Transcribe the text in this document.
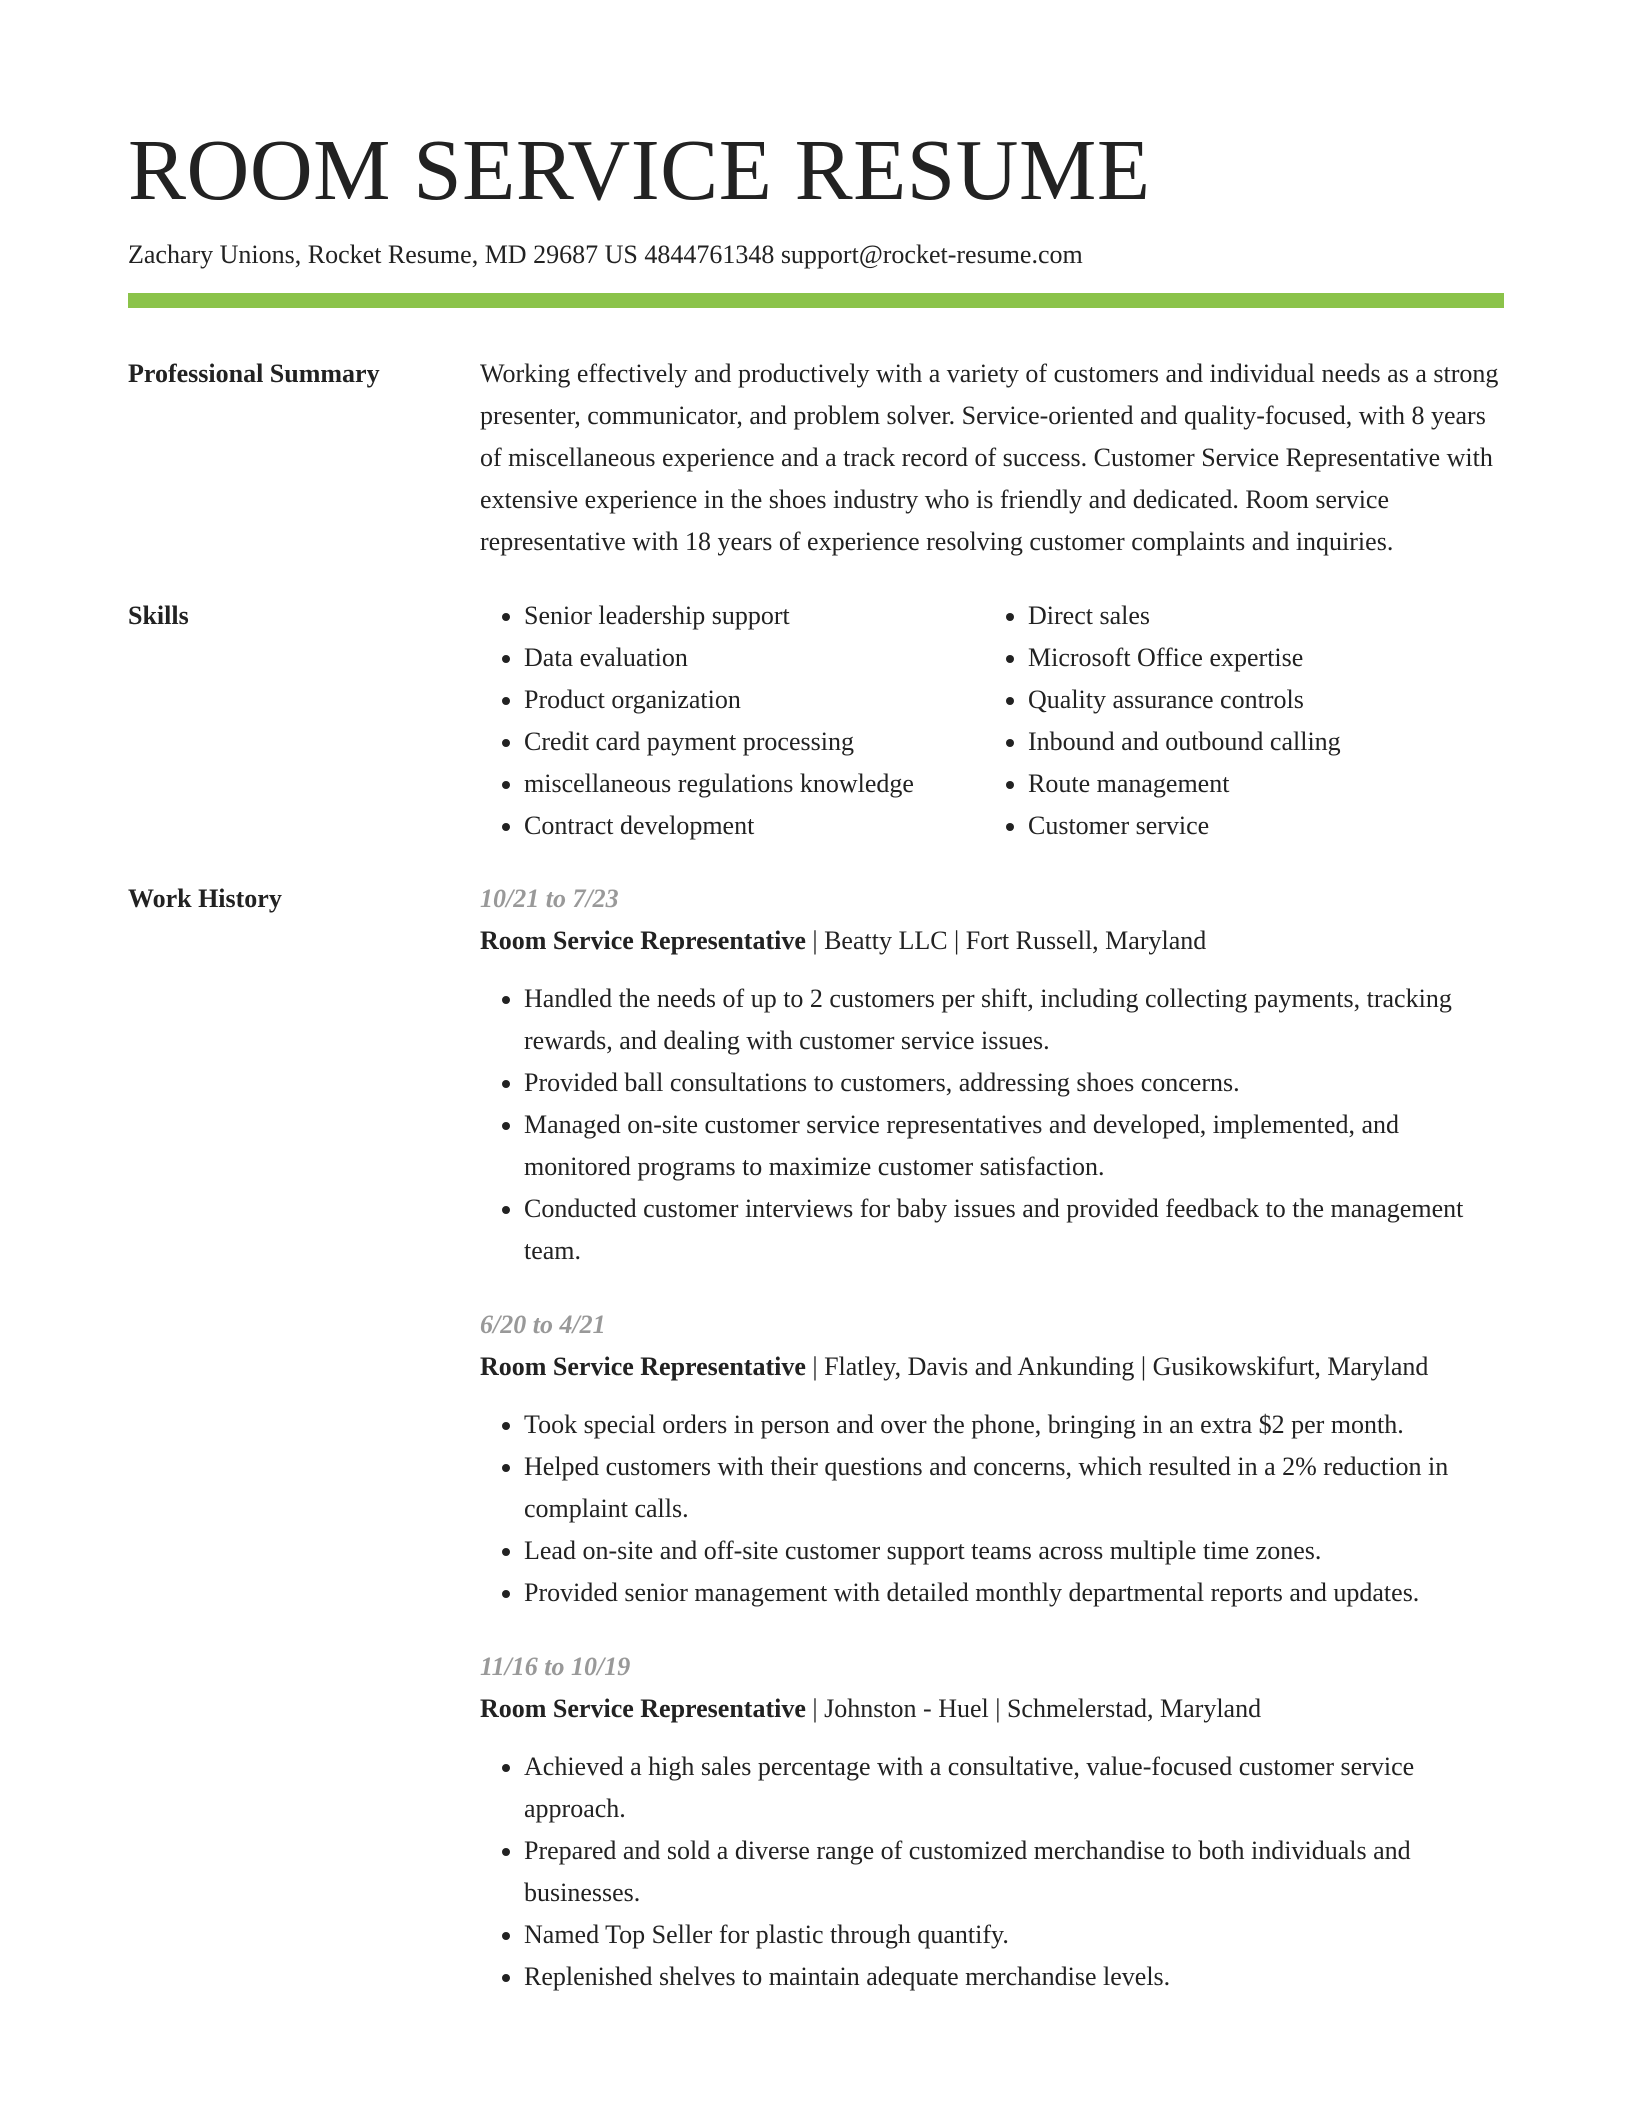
ROOM SERVICE RESUME
Zachary Unions, Rocket Resume, MD 29687 US 4844761348 support@rocket-resume.com
Professional Summary	Working effectively and productively with a variety of customers and individual needs as a strong presenter, communicator, and problem solver. Service-oriented and quality-focused, with 8 years of miscellaneous experience and a track record of success. Customer Service Representative with extensive experience in the shoes industry who is friendly and dedicated. Room service representative with 18 years of experience resolving customer complaints and inquiries.
Skills
•	Senior leadership support
• Data evaluation
• Product organization
• Credit card payment processing
• miscellaneous regulations knowledge
• Contract development
• Direct sales
• Microsoft Office expertise
• Quality assurance controls
• Inbound and outbound calling
• Route management
• Customer service
Work History	10/21 to 7/23
Room Service Representative | Beatty LLC | Fort Russell, Maryland
• Handled the needs of up to 2 customers per shift, including collecting payments, tracking rewards, and dealing with customer service issues.
• Provided ball consultations to customers, addressing shoes concerns.
• Managed on-site customer service representatives and developed, implemented, and monitored programs to maximize customer satisfaction.
• Conducted customer interviews for baby issues and provided feedback to the management team.
6/20 to 4/21
Room Service Representative | Flatley, Davis and Ankunding | Gusikowskifurt, Maryland
• Took special orders in person and over the phone, bringing in an extra $2 per month.
• Helped customers with their questions and concerns, which resulted in a 2% reduction in complaint calls.
• Lead on-site and off-site customer support teams across multiple time zones.
• Provided senior management with detailed monthly departmental reports and updates.
11/16 to 10/19
Room Service Representative | Johnston - Huel | Schmelerstad, Maryland
• Achieved a high sales percentage with a consultative, value-focused customer service approach.
• Prepared and sold a diverse range of customized merchandise to both individuals and businesses.
• Named Top Seller for plastic through quantify.
• Replenished shelves to maintain adequate merchandise levels.
